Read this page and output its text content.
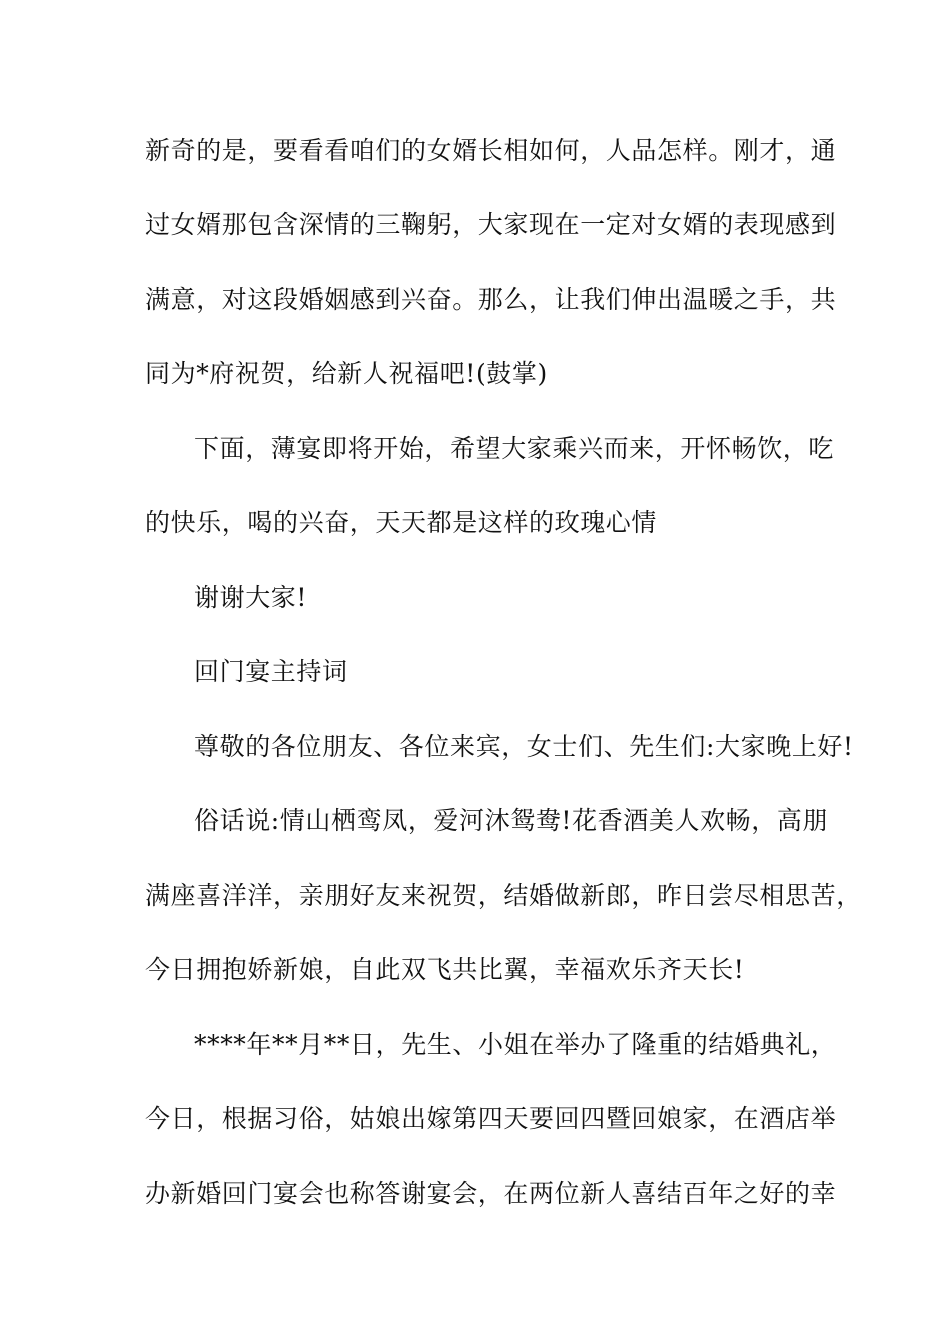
新奇的是，要看看咱们的女婿长相如何，人品怎样。刚才，通
过女婿那包含深情的三鞠躬，大家现在一定对女婿的表现感到
满意，对这段婚姻感到兴奋。那么，让我们伸出温暖之手，共
同为*府祝贺，给新人祝福吧!(鼓掌)
下面，薄宴即将开始，希望大家乘兴而来，开怀畅饮，吃
的快乐，喝的兴奋，天天都是这样的玫瑰心情
谢谢大家!
回门宴主持词
尊敬的各位朋友、各位来宾，女士们、先生们:大家晚上好!
俗话说:情山栖鸾凤，爱河沐鸳鸯!花香酒美人欢畅，高朋
满座喜洋洋，亲朋好友来祝贺，结婚做新郎，昨日尝尽相思苦，
今日拥抱娇新娘，自此双飞共比翼，幸福欢乐齐天长!
****年**月**日，先生、小姐在举办了隆重的结婚典礼，
今日，根据习俗，姑娘出嫁第四天要回四暨回娘家，在酒店举
办新婚回门宴会也称答谢宴会，在两位新人喜结百年之好的幸
